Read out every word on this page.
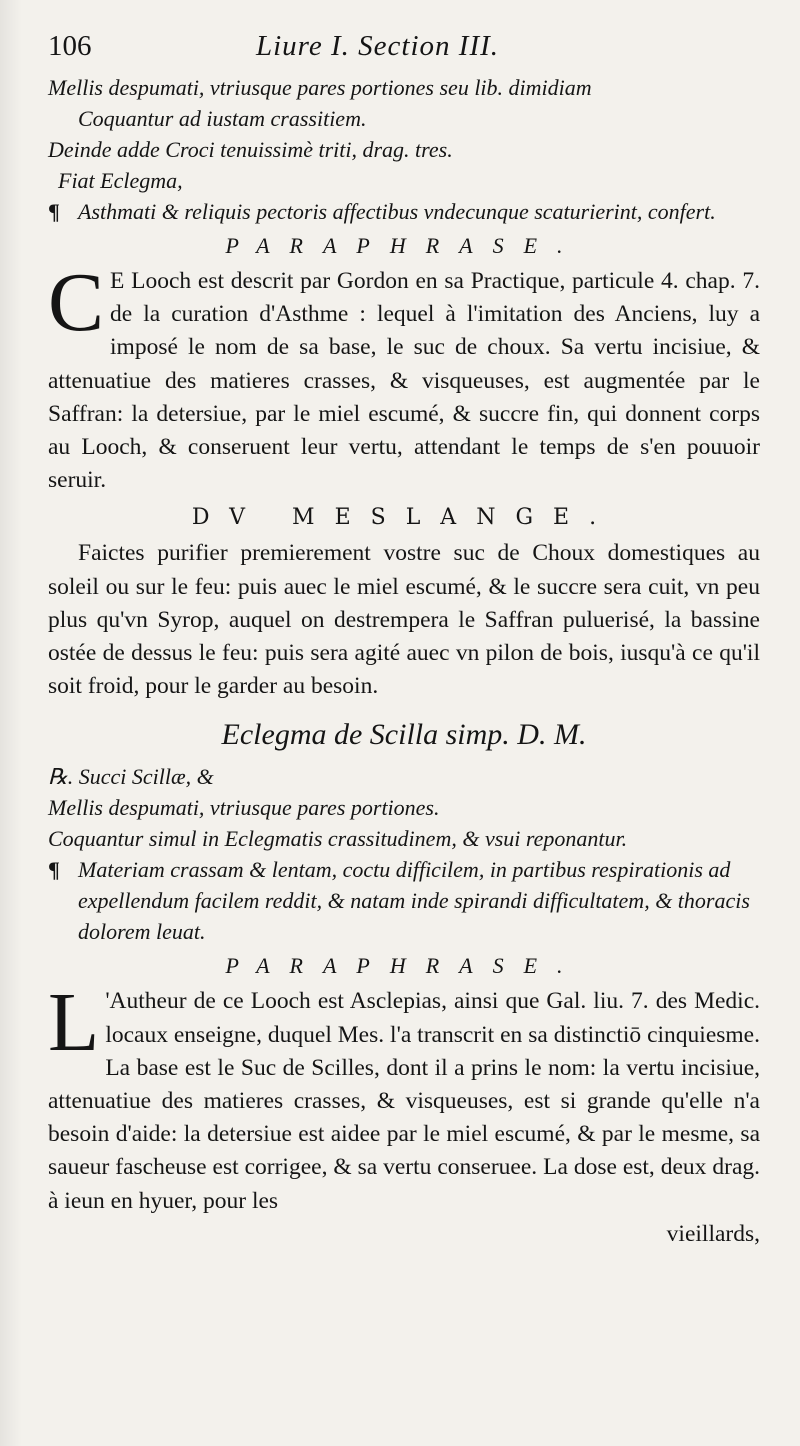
106	Liure I. Section III.

Mellis despumati, vtriusque pares portiones seu lib. dimidiam

Coquantur ad iustam crassitiem.

Deinde adde Croci tenuissimè triti, drag. tres.

Fiat Eclegma,

¶ Asthmati & reliquis pectoris affectibus vndecunque scaturierint, confert.
PARAPHRASE.

C E Looch est descrit par Gordon en sa Practique, particule 4. chap. 7. de la curation d'Asthme : lequel à l'imitation des Anciens, luy a imposé le nom de sa base, le suc de choux. Sa vertu incisiue, & attenuatiue des matieres crasses, & visqueuses, est augmentée par le Saffran: la detersiue, par le miel escumé, & succre fin, qui donnent corps au Looch, & conseruent leur vertu, attendant le temps de s'en pouuoir seruir.

DV MESLANGE.

Faictes purifier premierement vostre suc de Choux domestiques au soleil ou sur le feu: puis auec le miel escumé, & le succre sera cuit, vn peu plus qu'vn Syrop, auquel on destrempera le Saffran puluerisé, la bassine ostée de dessus le feu: puis sera agité auec vn pilon de bois, iusqu'à ce qu'il soit froid, pour le garder au besoin.

Eclegma de Scilla simp. D. M.

℞. Succi Scillæ, &

Mellis despumati, vtriusque pares portiones.

Coquantur simul in Eclegmatis crassitudinem, & vsui reponantur.

¶ Materiam crassam & lentam, coctu difficilem, in partibus respirationis ad expellendum facilem reddit, & natam inde spirandi difficultatem, & thoracis dolorem leuat.
PARAPHRASE.

L 'Autheur de ce Looch est Asclepias, ainsi que Gal. liu. 7. des Medic. locaux enseigne, duquel Mes. l'a transcrit en sa distinctiō cinquiesme. La base est le Suc de Scilles, dont il a prins le nom: la vertu incisiue, attenuatiue des matieres crasses, & visqueuses, est si grande qu'elle n'a besoin d'aide: la detersiue est aidee par le miel escumé, & par le mesme, sa saueur fascheuse est corrigee, & sa vertu conseruee. La dose est, deux drag. à ieun en hyuer, pour les

vieillards,
